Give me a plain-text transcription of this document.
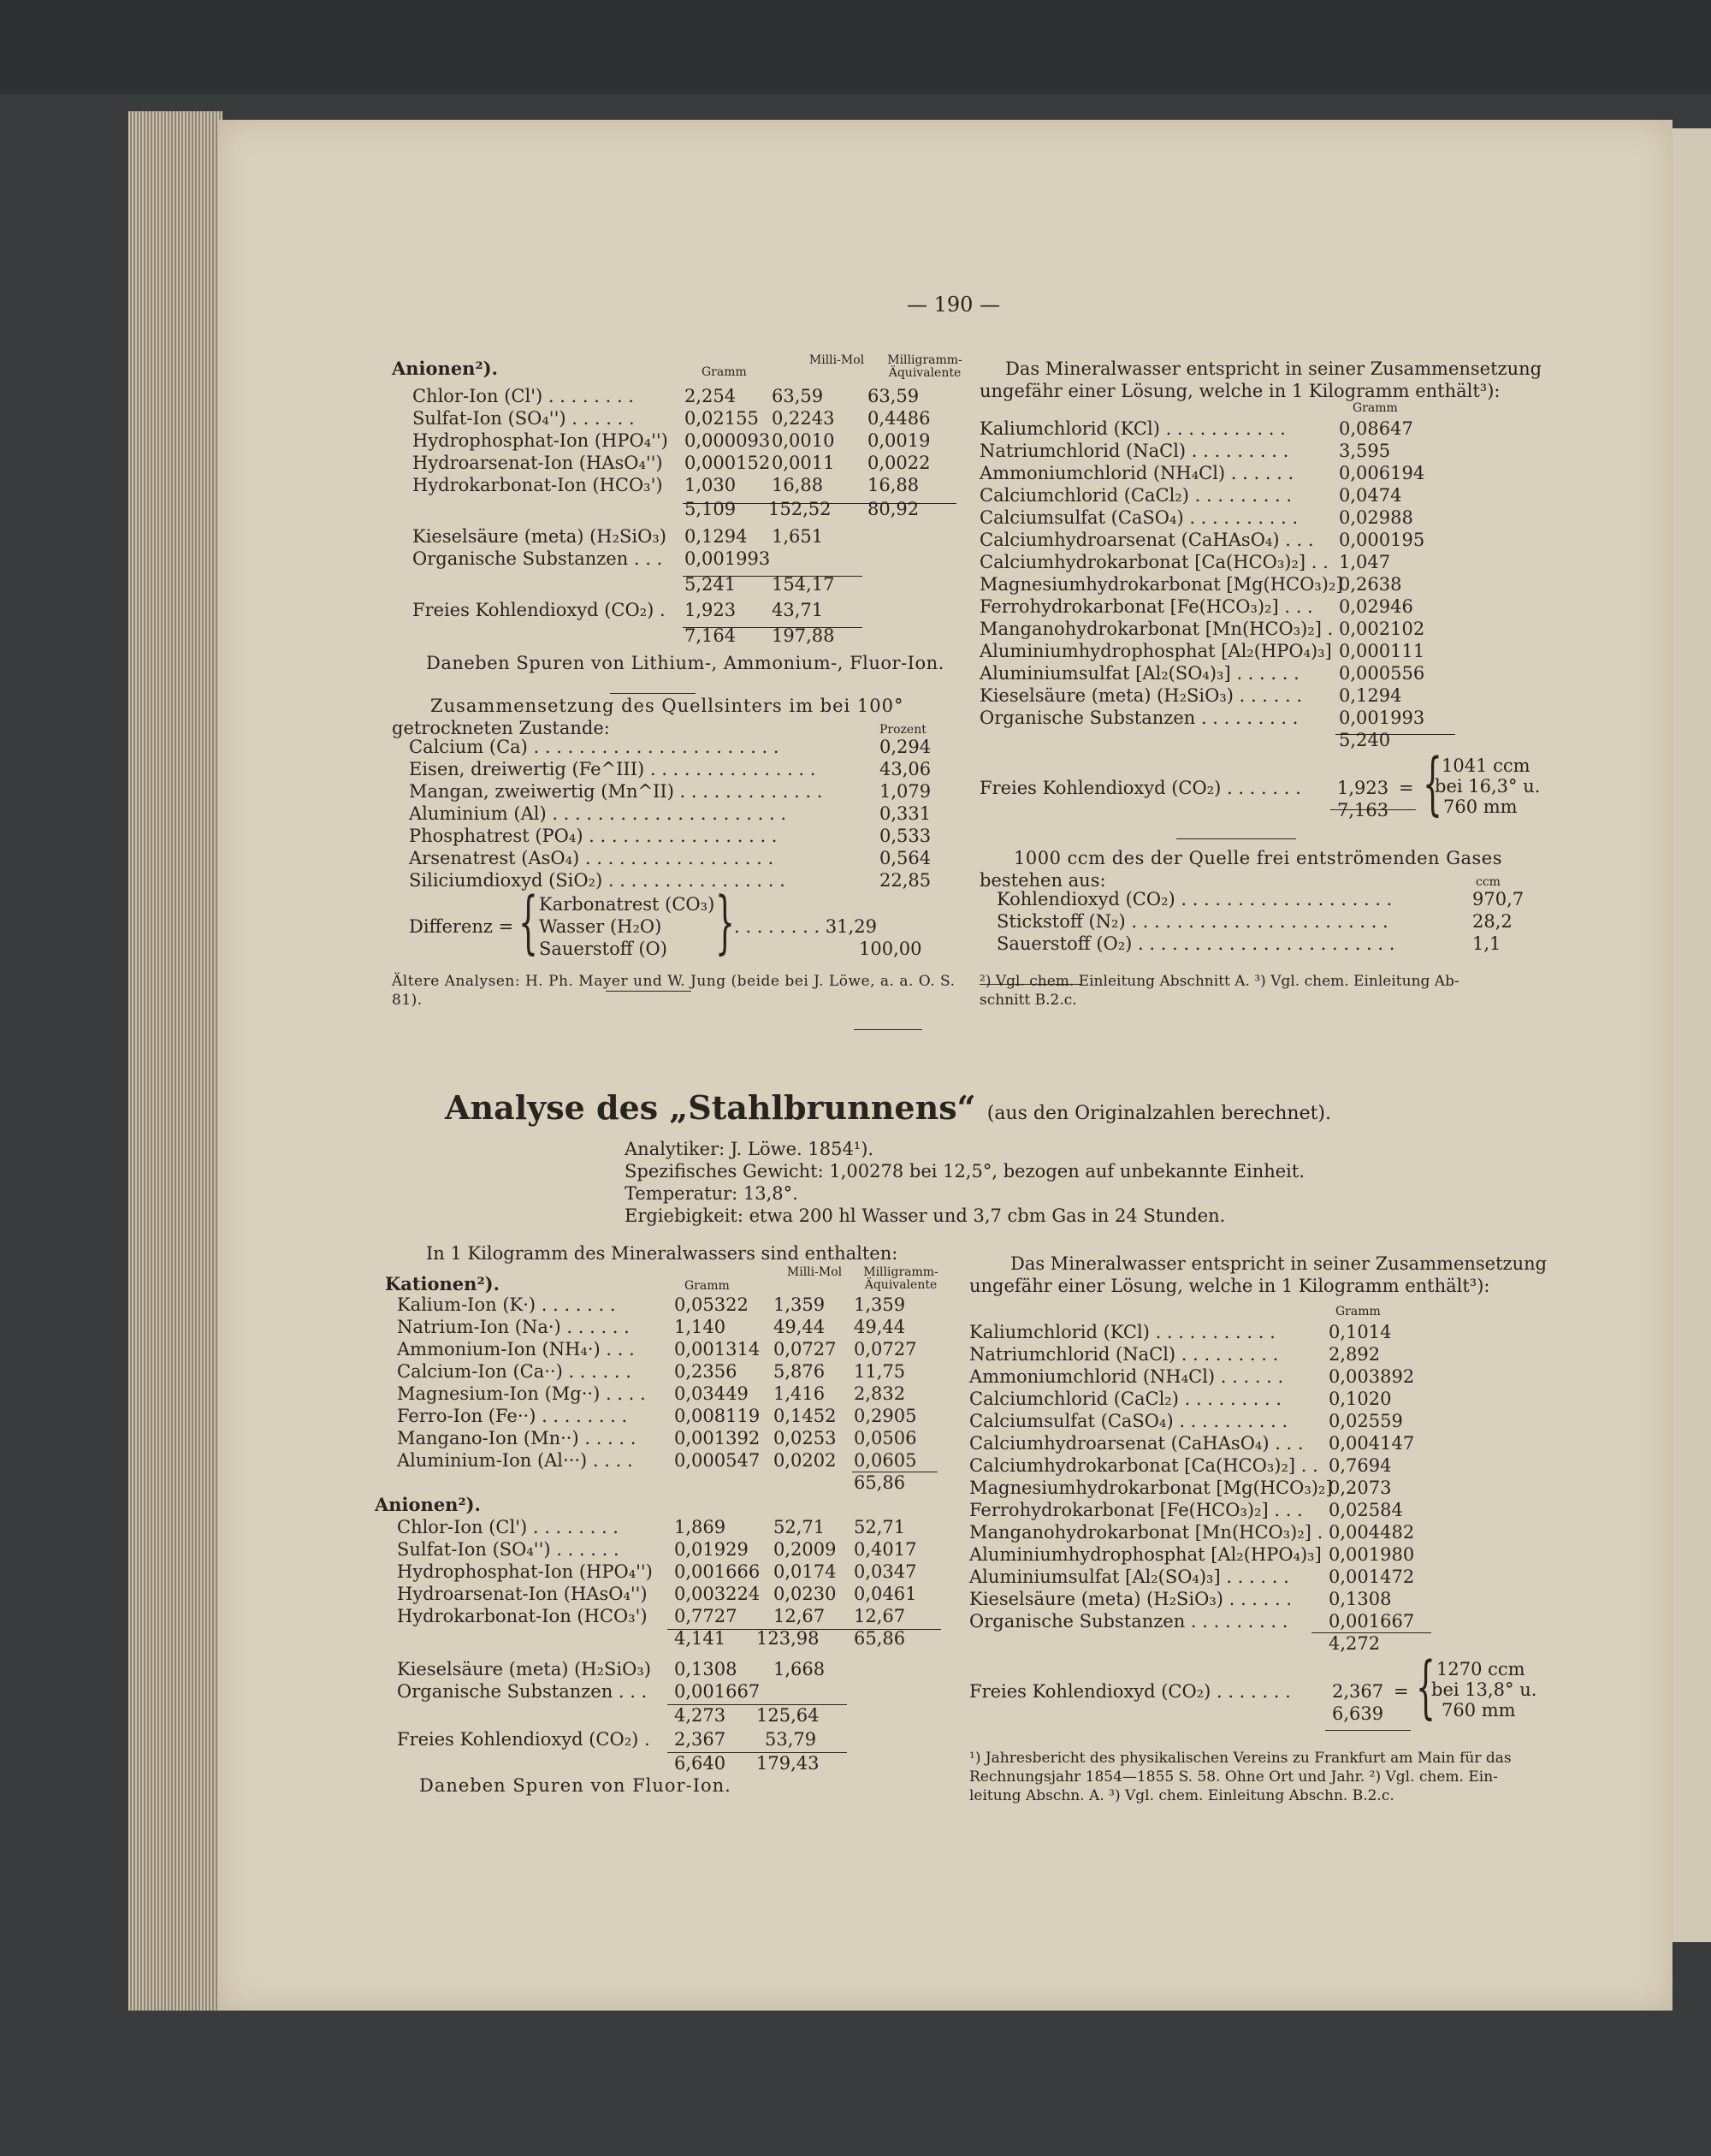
— 190 —
Anionen²).	Gramm
Milli-Mol	Milligramm-Äquivalente
Chlor-Ion (Cl') . . . . . . . .	2,254 63,59 63,59
Sulfat-Ion (SO₄'') . . . . . .	0,02155 0,2243 0,4486
Hydrophosphat-Ion (HPO₄'') 0,000093 0,0010 0,0019
Hydroarsenat-Ion (HAsO₄'') 0,000152 0,0011 0,0022
Hydrokarbonat-Ion (HCO₃') 1,030 16,88 16,88
5,109 152,52 80,92
Kieselsäure (meta) (H₂SiO₃) 0,1294 1,651
Organische Substanzen . . . 0,001993
5,241 154,17
Freies Kohlendioxyd (CO₂) . 1,923 43,71
7,164 197,88
Daneben Spuren von Lithium-, Ammonium-, Fluor-Ion.
Zusammensetzung des Quellsinters im bei 100°
getrockneten Zustande:	Prozent
Calcium (Ca) . . . . . . . . . . . . . . . . . . . . . .	0,294
Eisen, dreiwertig (Fe^III) . . . . . . . . . . . . . . .	43,06
Mangan, zweiwertig (Mn^II) . . . . . . . . . . . . .	1,079
Aluminium (Al) . . . . . . . . . . . . . . . . . . . . .	0,331
Phosphatrest (PO₄) . . . . . . . . . . . . . . . . .	0,533
Arsenatrest (AsO₄) . . . . . . . . . . . . . . . . .	0,564
Siliciumdioxyd (SiO₂) . . . . . . . . . . . . . . . .	22,85
Differenz = { Karbonatrest (CO₃)
Wasser (H₂O)
Sauerstoff (O) } . . . . . . . . 31,29
100,00
Ältere Analysen: H. Ph. Mayer und W. Jung (beide bei J. Löwe, a. a. O. S. 81).
Das Mineralwasser entspricht in seiner Zusammensetzung
ungefähr einer Lösung, welche in 1 Kilogramm enthält³):
Gramm
Kaliumchlorid (KCl) . . . . . . . . . . .	0,08647
Natriumchlorid (NaCl) . . . . . . . . .	3,595
Ammoniumchlorid (NH₄Cl) . . . . . .	0,006194
Calciumchlorid (CaCl₂) . . . . . . . . .	0,0474
Calciumsulfat (CaSO₄) . . . . . . . . . . 0,02988
Calciumhydroarsenat (CaHAsO₄) . . . 0,000195
Calciumhydrokarbonat [Ca(HCO₃)₂] . . 1,047
Magnesiumhydrokarbonat [Mg(HCO₃)₂]
0,2638
Ferrohydrokarbonat [Fe(HCO₃)₂] . . . 0,02946
Manganohydrokarbonat [Mn(HCO₃)₂] . 0,002102
Aluminiumhydrophosphat [Al₂(HPO₄)₃] 0,000111
Aluminiumsulfat [Al₂(SO₄)₃] . . . . . . 0,000556
Kieselsäure (meta) (H₂SiO₃) . . . . . . 0,1294
Organische Substanzen . . . . . . . . . 0,001993
5,240
Freies Kohlendioxyd (CO₂) . . . . . . . 1,923 = { 1041 ccm
bei 16,3° u.
760 mm
7,163
1000 ccm des der Quelle frei entströmenden Gases
bestehen aus:	ccm
Kohlendioxyd (CO₂) . . . . . . . . . . . . . . . . . . .	970,7
Stickstoff (N₂) . . . . . . . . . . . . . . . . . . . . . . .	28,2
Sauerstoff (O₂) . . . . . . . . . . . . . . . . . . . . . . .	1,1
²) Vgl. chem. Einleitung Abschnitt A. ³) Vgl. chem. Einleitung Ab-
schnitt B.2.c.
Analyse des „Stahlbrunnens“ (aus den Originalzahlen berechnet).
Analytiker: J. Löwe. 1854¹).
Spezifisches Gewicht: 1,00278 bei 12,5°, bezogen auf unbekannte Einheit.
Temperatur: 13,8°.
Ergiebigkeit: etwa 200 hl Wasser und 3,7 cbm Gas in 24 Stunden.
In 1 Kilogramm des Mineralwassers sind enthalten:
Kationen²).	Gramm
Milli-Mol	Milligramm-Äquivalente
Kalium-Ion (K·) . . . . . . .	0,05322 1,359 1,359
Natrium-Ion (Na·) . . . . . . 1,140	49,44 49,44
Ammonium-Ion (NH₄·) . . . 0,001314 0,0727 0,0727
Calcium-Ion (Ca··) . . . . . . 0,2356 5,876 11,75
Magnesium-Ion (Mg··) . . . . 0,03449 1,416 2,832
Ferro-Ion (Fe··) . . . . . . . .	0,008119 0,1452 0,2905
Mangano-Ion (Mn··) . . . . . 0,001392 0,0253 0,0506
Aluminium-Ion (Al···) . . . . 0,000547 0,0202 0,0605
65,86
Anionen²).
Chlor-Ion (Cl') . . . . . . . .	1,869	52,71 52,71
Sulfat-Ion (SO₄'') . . . . . .	0,01929 0,2009 0,4017
Hydrophosphat-Ion (HPO₄'') 0,001666 0,0174 0,0347
Hydroarsenat-Ion (HAsO₄'') 0,003224 0,0230 0,0461
Hydrokarbonat-Ion (HCO₃') 0,7727 12,67 12,67
4,141 123,98 65,86
Kieselsäure (meta) (H₂SiO₃) 0,1308 1,668
Organische Substanzen . . . 0,001667
4,273 125,64
Freies Kohlendioxyd (CO₂) . 2,367 53,79
6,640 179,43
Daneben Spuren von Fluor-Ion.
Das Mineralwasser entspricht in seiner Zusammensetzung
ungefähr einer Lösung, welche in 1 Kilogramm enthält³):
Gramm
Kaliumchlorid (KCl) . . . . . . . . . . .	0,1014
Natriumchlorid (NaCl) . . . . . . . . .	2,892
Ammoniumchlorid (NH₄Cl) . . . . . .	0,003892
Calciumchlorid (CaCl₂) . . . . . . . . .	0,1020
Calciumsulfat (CaSO₄) . . . . . . . . . . 0,02559
Calciumhydroarsenat (CaHAsO₄) . . . 0,004147
Calciumhydrokarbonat [Ca(HCO₃)₂] . . 0,7694
Magnesiumhydrokarbonat [Mg(HCO₃)₂]
0,2073
Ferrohydrokarbonat [Fe(HCO₃)₂] . . . 0,02584
Manganohydrokarbonat [Mn(HCO₃)₂] . 0,004482
Aluminiumhydrophosphat [Al₂(HPO₄)₃] 0,001980
Aluminiumsulfat [Al₂(SO₄)₃] . . . . . . 0,001472
Kieselsäure (meta) (H₂SiO₃) . . . . . . 0,1308
Organische Substanzen . . . . . . . . . 0,001667
4,272
Freies Kohlendioxyd (CO₂) . . . . . . . 2,367 = { 1270 ccm
bei 13,8° u.
760 mm
6,639
¹) Jahresbericht des physikalischen Vereins zu Frankfurt am Main für das
Rechnungsjahr 1854—1855 S. 58. Ohne Ort und Jahr. ²) Vgl. chem. Ein-
leitung Abschn. A. ³) Vgl. chem. Einleitung Abschn. B.2.c.
